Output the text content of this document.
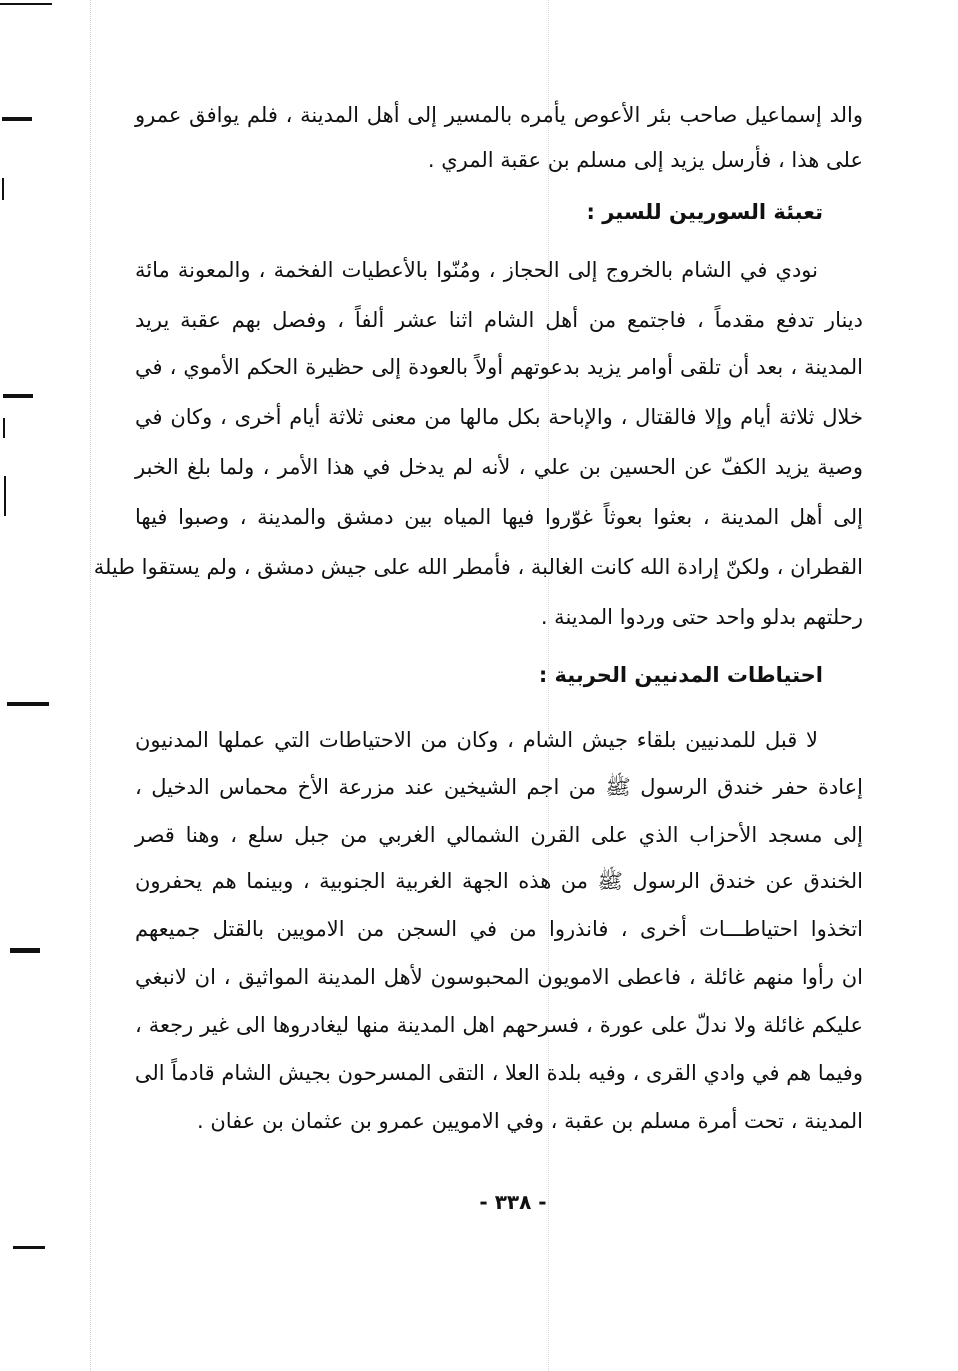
والد إسماعيل صاحب بئر الأعوص يأمره بالمسير إلى أهل المدينة ، فلم يوافق عمرو
على هذا ، فأرسل يزيد إلى مسلم بن عقبة المري .
تعبئة السوريين للسير :
نودي في الشام بالخروج إلى الحجاز ، ومُنّوا بالأعطيات الفخمة ، والمعونة مائة
دينار تدفع مقدماً ، فاجتمع من أهل الشام اثنا عشر ألفاً ، وفصل بهم عقبة يريد
المدينة ، بعد أن تلقى أوامر يزيد بدعوتهم أولاً بالعودة إلى حظيرة الحكم الأموي ، في
خلال ثلاثة أيام وإلا فالقتال ، والإباحة بكل مالها من معنى ثلاثة أيام أخرى ، وكان في
وصية يزيد الكفّ عن الحسين بن علي ، لأنه لم يدخل في هذا الأمر ، ولما بلغ الخبر
إلى أهل المدينة ، بعثوا بعوثاً غوّروا فيها المياه بين دمشق والمدينة ، وصبوا فيها
القطران ، ولكنّ إرادة الله كانت الغالبة ، فأمطر الله على جيش دمشق ، ولم يستقوا طيلة
رحلتهم بدلو واحد حتى وردوا المدينة .
احتياطات المدنيين الحربية :
لا قبل للمدنيين بلقاء جيش الشام ، وكان من الاحتياطات التي عملها المدنيون
إعادة حفر خندق الرسول ﷺ من اجم الشيخين عند مزرعة الأخ محماس الدخيل ،
إلى مسجد الأحزاب الذي على القرن الشمالي الغربي من جبل سلع ، وهنا قصر
الخندق عن خندق الرسول ﷺ من هذه الجهة الغربية الجنوبية ، وبينما هم يحفرون
اتخذوا احتياطـــات أخرى ، فانذروا من في السجن من الامويين بالقتل جميعهم
ان رأوا منهم غائلة ، فاعطى الامويون المحبوسون لأهل المدينة المواثيق ، ان لانبغي
عليكم غائلة ولا ندلّ على عورة ، فسرحهم اهل المدينة منها ليغادروها الى غير رجعة ،
وفيما هم في وادي القرى ، وفيه بلدة العلا ، التقى المسرحون بجيش الشام قادماً الى
المدينة ، تحت أمرة مسلم بن عقبة ، وفي الامويين عمرو بن عثمان بن عفان .
- ٣٣٨ -
